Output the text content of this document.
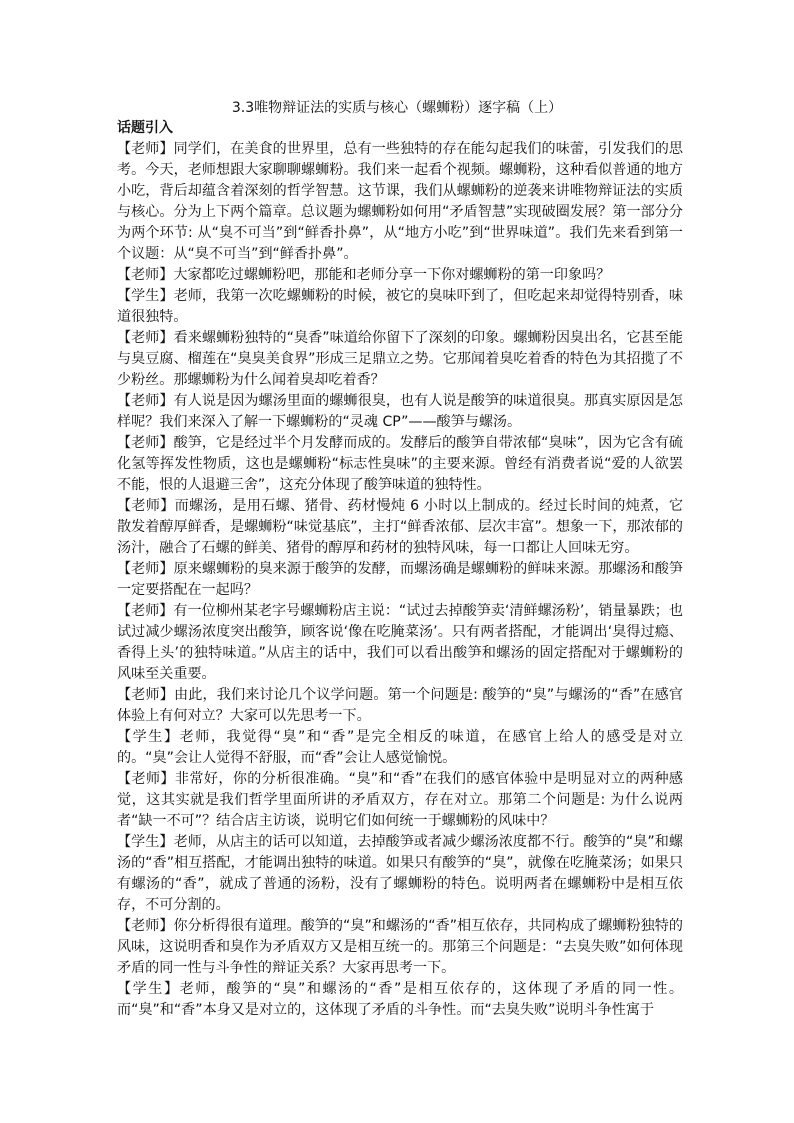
3.3唯物辩证法的实质与核心（螺蛳粉）逐字稿（上）
话题引入

【老师】同学们，在美食的世界里，总有一些独特的存在能勾起我们的味蕾，引发我们的思考。今天，老师想跟大家聊聊螺蛳粉。我们来一起看个视频。螺蛳粉，这种看似普通的地方小吃，背后却蕴含着深刻的哲学智慧。这节课，我们从螺蛳粉的逆袭来讲唯物辩证法的实质与核心。分为上下两个篇章。总议题为螺蛳粉如何用“矛盾智慧”实现破圈发展？第一部分分为两个环节: 从“臭不可当”到“鲜香扑鼻”，从“地方小吃”到“世界味道”。我们先来看到第一个议题：从“臭不可当”到“鲜香扑鼻”。

【老师】大家都吃过螺蛳粉吧，那能和老师分享一下你对螺蛳粉的第一印象吗？

【学生】老师，我第一次吃螺蛳粉的时候，被它的臭味吓到了，但吃起来却觉得特别香，味道很独特。

【老师】看来螺蛳粉独特的“臭香”味道给你留下了深刻的印象。螺蛳粉因臭出名，它甚至能与臭豆腐、榴莲在“臭臭美食界”形成三足鼎立之势。它那闻着臭吃着香的特色为其招揽了不少粉丝。那螺蛳粉为什么闻着臭却吃着香？

【老师】有人说是因为螺汤里面的螺蛳很臭，也有人说是酸笋的味道很臭。那真实原因是怎样呢？我们来深入了解一下螺蛳粉的“灵魂 CP”——酸笋与螺汤。

【老师】酸笋，它是经过半个月发酵而成的。发酵后的酸笋自带浓郁“臭味”，因为它含有硫化氢等挥发性物质，这也是螺蛳粉“标志性臭味”的主要来源。曾经有消费者说“爱的人欲罢不能，恨的人退避三舍”，这充分体现了酸笋味道的独特性。

【老师】而螺汤，是用石螺、猪骨、药材慢炖 6 小时以上制成的。经过长时间的炖煮，它散发着醇厚鲜香，是螺蛳粉“味觉基底”，主打“鲜香浓郁、层次丰富”。想象一下，那浓郁的汤汁，融合了石螺的鲜美、猪骨的醇厚和药材的独特风味，每一口都让人回味无穷。

【老师】原来螺蛳粉的臭来源于酸笋的发酵，而螺汤确是螺蛳粉的鲜味来源。那螺汤和酸笋一定要搭配在一起吗？

【老师】有一位柳州某老字号螺蛳粉店主说：“试过去掉酸笋卖‘清鲜螺汤粉’，销量暴跌；也试过减少螺汤浓度突出酸笋，顾客说‘像在吃腌菜汤’。只有两者搭配，才能调出‘臭得过瘾、香得上头’的独特味道。”从店主的话中，我们可以看出酸笋和螺汤的固定搭配对于螺蛳粉的风味至关重要。

【老师】由此，我们来讨论几个议学问题。第一个问题是: 酸笋的“臭”与螺汤的“香”在感官体验上有何对立？大家可以先思考一下。

【学生】老师，我觉得“臭”和“香”是完全相反的味道，在感官上给人的感受是对立的。“臭”会让人觉得不舒服，而“香”会让人感觉愉悦。

【老师】非常好，你的分析很准确。“臭”和“香”在我们的感官体验中是明显对立的两种感觉，这其实就是我们哲学里面所讲的矛盾双方，存在对立。那第二个问题是: 为什么说两者“缺一不可”？结合店主访谈，说明它们如何统一于螺蛳粉的风味中？

【学生】老师，从店主的话可以知道，去掉酸笋或者减少螺汤浓度都不行。酸笋的“臭”和螺汤的“香”相互搭配，才能调出独特的味道。如果只有酸笋的“臭”，就像在吃腌菜汤；如果只有螺汤的“香”，就成了普通的汤粉，没有了螺蛳粉的特色。说明两者在螺蛳粉中是相互依存，不可分割的。

【老师】你分析得很有道理。酸笋的“臭”和螺汤的“香”相互依存，共同构成了螺蛳粉独特的风味，这说明香和臭作为矛盾双方又是相互统一的。那第三个问题是：“去臭失败”如何体现矛盾的同一性与斗争性的辩证关系？大家再思考一下。

【学生】老师，酸笋的“臭”和螺汤的“香”是相互依存的，这体现了矛盾的同一性。而“臭”和“香”本身又是对立的，这体现了矛盾的斗争性。而“去臭失败”说明斗争性寓于
